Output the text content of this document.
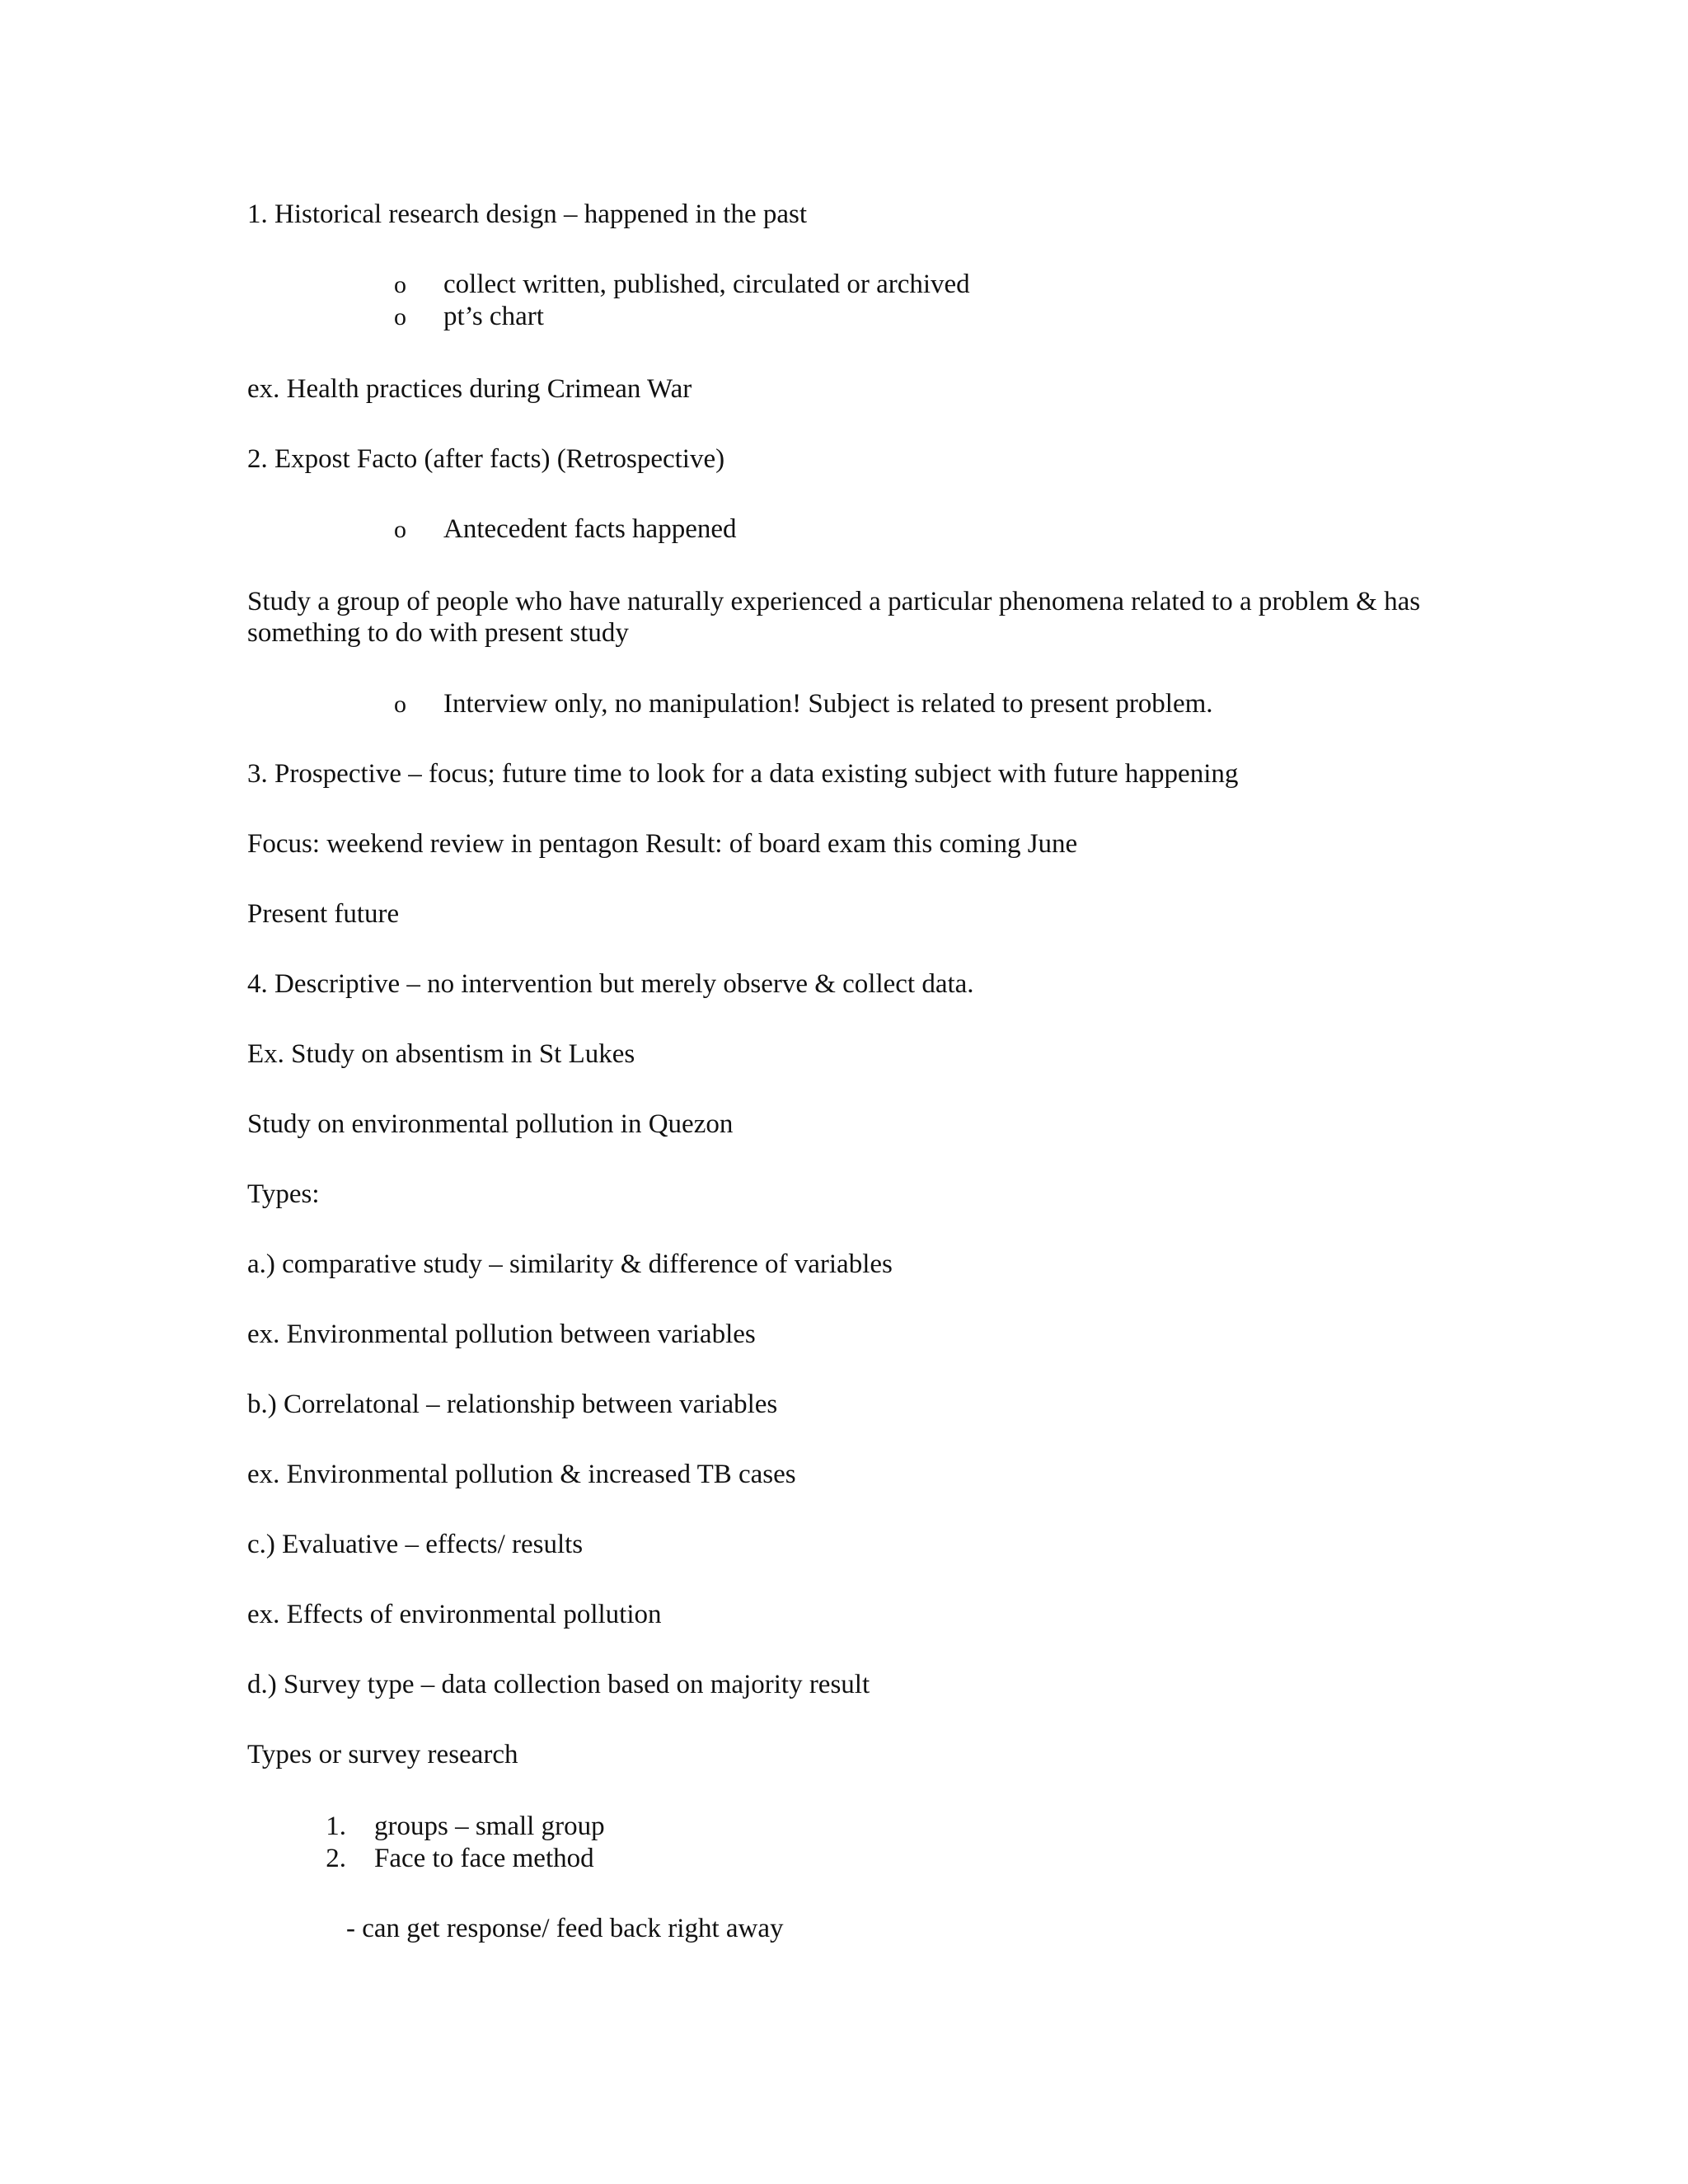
1. Historical research design – happened in the past

o	collect written, published, circulated or archived
o	pt’s chart

ex. Health practices during Crimean War

2. Expost Facto (after facts) (Retrospective)

o	Antecedent facts happened

Study a group of people who have naturally experienced a particular phenomena related to a problem & has something to do with present study

o	Interview only, no manipulation! Subject is related to present problem.

3. Prospective – focus; future time to look for a data existing subject with future happening

Focus: weekend review in pentagon Result: of board exam this coming June

Present future

4. Descriptive – no intervention but merely observe & collect data.

Ex. Study on absentism in St Lukes

Study on environmental pollution in Quezon

Types:

a.) comparative study – similarity & difference of variables

ex. Environmental pollution between variables

b.) Correlatonal – relationship between variables

ex. Environmental pollution & increased TB cases

c.) Evaluative – effects/ results

ex. Effects of environmental pollution

d.) Survey type – data collection based on majority result

Types or survey research

1. groups – small group
2. Face to face method

- can get response/ feed back right away
